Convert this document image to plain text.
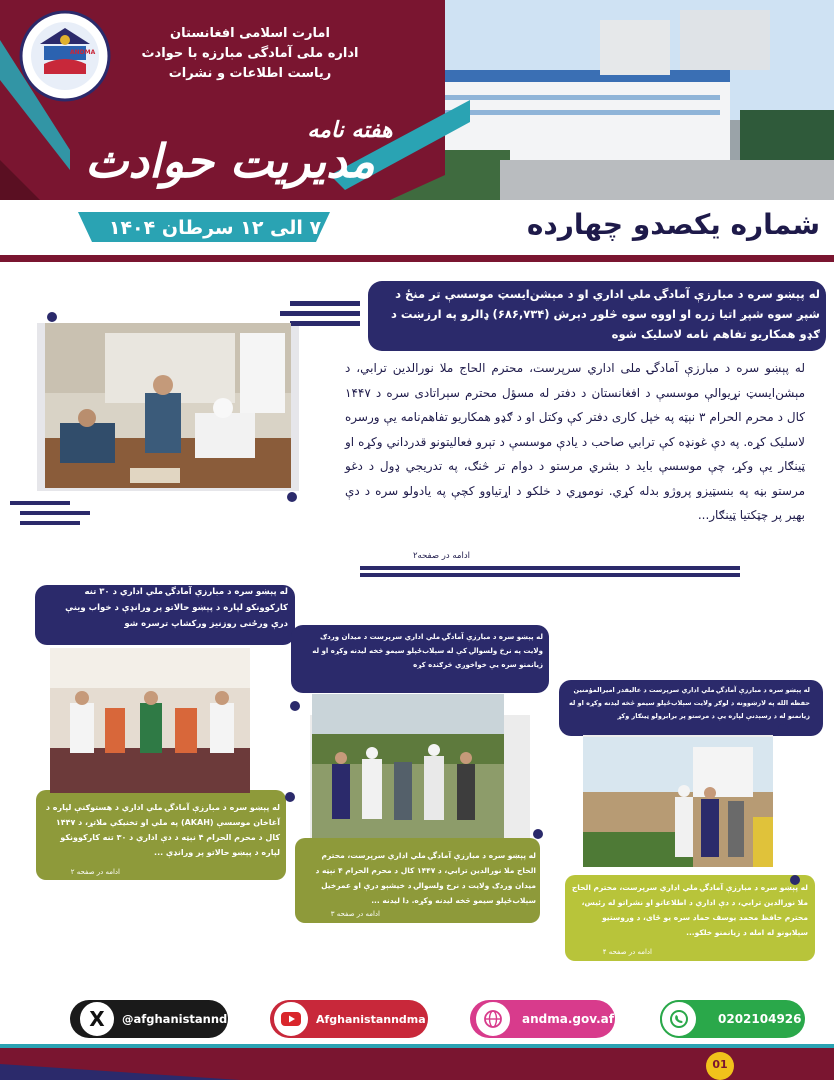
ANDMA
امارت اسلامی افغانستان
اداره ملی آمادگی مبارزه با حوادث
ریاست اطلاعات و نشرات
هفته نامه
مدیریت حوادث
۷ الی ۱۲ سرطان ۱۴۰۴	شماره یکصدو چهارده
له پېښو سره د مبارزې آمادگۍ ملي اداري او د مېشن‌ایسټ موسسې تر منځ د شپږ سوه شپږ اتیا زره او اووه سوه څلور دېرش (۶۸۶,۷۳۴) ډالرو په ارزښت د ګډو همکاریو تفاهم نامه لاسلیک شوه
له پېښو سره د مبارزې آمادگۍ ملی اداري سرپرست، محترم الحاج ملا نورالدین ترابي، د مېشن‌ایسټ نړیوالې موسسې د افغانستان د دفتر له مسؤل محترم سېراتادی سره د ۱۴۴۷ کال د محرم الحرام ۳ نېټه په خپل کاری دفتر کې وکتل او د ګډو همکاریو تفاهم‌نامه یې ورسره لاسلیک کړه. په دې غونډه کې ترابي صاحب د یادې موسسې د تېرو فعالیتونو قدرداني وکړه او ټینګار یې وکړ، چې موسسې باید د بشري مرستو د دوام تر څنګ، په تدریجي ډول د دغو مرستو بڼه په بنسټيزو پروژو بدله کړي. نوموړي د خلکو د اړتیاوو کچې په یادولو سره د دې بهیر پر چټکتیا ټینګار...
ادامه در صفحه۲
له پېښو سره د مبارزې آمادگۍ ملي اداري د ۳۰ تنه کارکوونکو لپاره د پېښو حالاتو پر ورانډې د خواب وینې درې ورځنی روزنیز ورکشاپ ترسره شو
له پېښو سره د مبارزې آمادگۍ ملي اداري د هستوګنې لپاره د آغاخان موسسې (AKAH) په ملي او تخنیکي ملاتړ، د ۱۴۴۷ کال د محرم الحرام ۴ نېټه د دې اداري د ۳۰ تنه کارکوونکو لپاره د پېښو حالاتو پر ورانډې ...
ادامه در صفحه ۲
له پېښو سره د مبارزې آمادگۍ ملي اداري سرپرست د میدان وردګ ولایت په نرخ ولسوالۍ کې له سېلاب‌ځپلو سیمو څخه لیدنه وکړه او له زیانمنو سره یې خواخوږي څرګنده کړه
له پېښو سره د مبارزې آمادگۍ ملي اداري سرپرست، محترم الحاج ملا نورالدین ترابي، د ۱۴۴۷ کال د محرم الحرام ۴ نېټه د میدان وردګ ولایت د نرخ ولسوالۍ د خیشېو درې او عمرخیل سېلاب‌ځپلو سیمو څخه لیدنه وکړه. دا لیدنه ...
ادامه در صفحه ۳
له پېښو سره د مبارزې آمادگۍ ملي اداري سرپرست د عالیقدر امیرالمؤمنین حفظه الله په لارښوونه د لوګر ولایت سېلاب‌ځپلو سیمو څخه لیدنه وکړه او له زیانمنو له د رسېدنې لپاره یې د مرستو پر برابرولو ټینګار وکړ
له پېښو سره د مبارزې آمادگۍ ملي اداري سرپرست، محترم الحاج ملا نورالدین ترابي، د دې اداري د اطلاعاتو او نشراتو له رئیس، محترم حافظ محمد یوسف حماد سره یو ځای، د وروستیو سېلابونو له امله د زیانمنو خلکو...
ادامه در صفحه ۴
X @afghanistanndma	Afghanistanndma	andma.gov.af	0202104926
01
